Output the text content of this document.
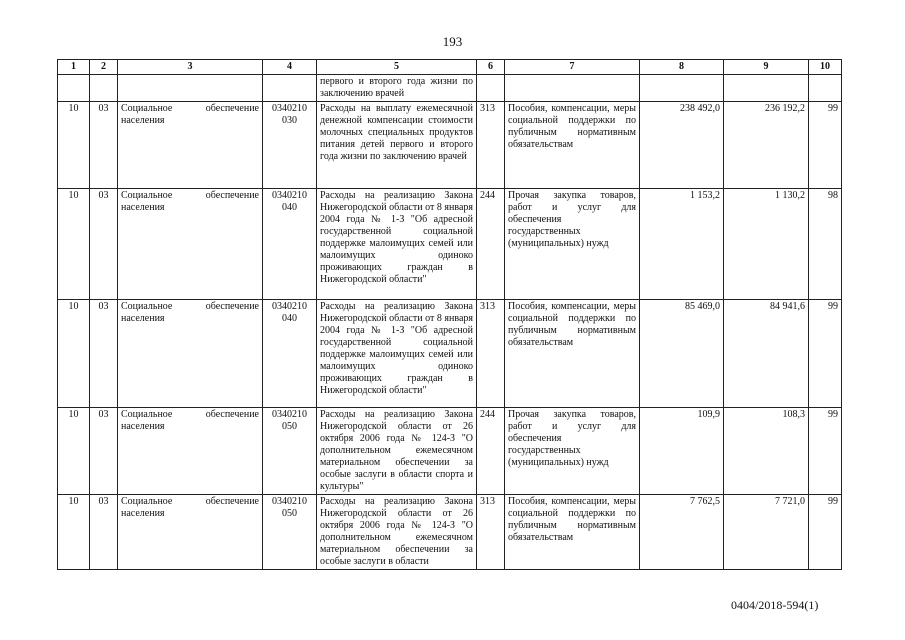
193
1	2	3	4	5	6	7	8	9	10
				первого и второго года жизни по заключению врачей					
10	03	Социальное обеспечение населения	0340210 030	Расходы на выплату ежемесячной денежной компенсации стоимости молочных специальных продуктов питания детей первого и второго года жизни по заключению врачей	313	Пособия, компенсации, меры социальной поддержки по публичным нормативным обязательствам	238 492,0	236 192,2	99
10	03	Социальное обеспечение населения	0340210 040	Расходы на реализацию Закона Нижегородской области от 8 января 2004 года № 1-З "Об адресной государственной социальной поддержке малоимущих семей или малоимущих одиноко проживающих граждан в Нижегородской области"	244	Прочая закупка товаров, работ и услуг для обеспечения государственных (муниципальных) нужд	1 153,2	1 130,2	98
10	03	Социальное обеспечение населения	0340210 040	Расходы на реализацию Закона Нижегородской области от 8 января 2004 года № 1-З "Об адресной государственной социальной поддержке малоимущих семей или малоимущих одиноко проживающих граждан в Нижегородской области"	313	Пособия, компенсации, меры социальной поддержки по публичным нормативным обязательствам	85 469,0	84 941,6	99
10	03	Социальное обеспечение населения	0340210 050	Расходы на реализацию Закона Нижегородской области от 26 октября 2006 года № 124-З "О дополнительном ежемесячном материальном обеспечении за особые заслуги в области спорта и культуры"	244	Прочая закупка товаров, работ и услуг для обеспечения государственных (муниципальных) нужд	109,9	108,3	99
10	03	Социальное обеспечение населения	0340210 050	Расходы на реализацию Закона Нижегородской области от 26 октября 2006 года № 124-З "О дополнительном ежемесячном материальном обеспечении за особые заслуги в области	313	Пособия, компенсации, меры социальной поддержки по публичным нормативным обязательствам	7 762,5	7 721,0	99
0404/2018-594(1)
